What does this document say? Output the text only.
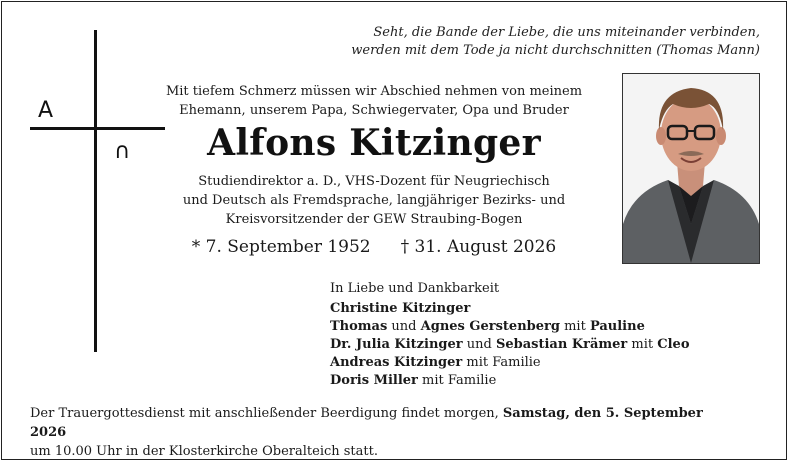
Seht, die Bande der Liebe, die uns miteinander verbinden,
werden mit dem Tode ja nicht durchschnitten (Thomas Mann)
A
∩
Mit tiefem Schmerz müssen wir Abschied nehmen von meinem
Ehemann, unserem Papa, Schwiegervater, Opa und Bruder
Alfons Kitzinger
Studiendirektor a. D., VHS-Dozent für Neugriechisch
und Deutsch als Fremdsprache, langjähriger Bezirks- und
Kreisvorsitzender der GEW Straubing-Bogen
* 7. September 1952 † 31. August 2026
In Liebe und Dankbarkeit
Christine Kitzinger
Thomas und Agnes Gerstenberg mit Pauline
Dr. Julia Kitzinger und Sebastian Krämer mit Cleo
Andreas Kitzinger mit Familie
Doris Miller mit Familie
Der Trauergottesdienst mit anschließender Beerdigung findet morgen, Samstag, den 5. September 2026
um 10.00 Uhr in der Klosterkirche Oberalteich statt.
